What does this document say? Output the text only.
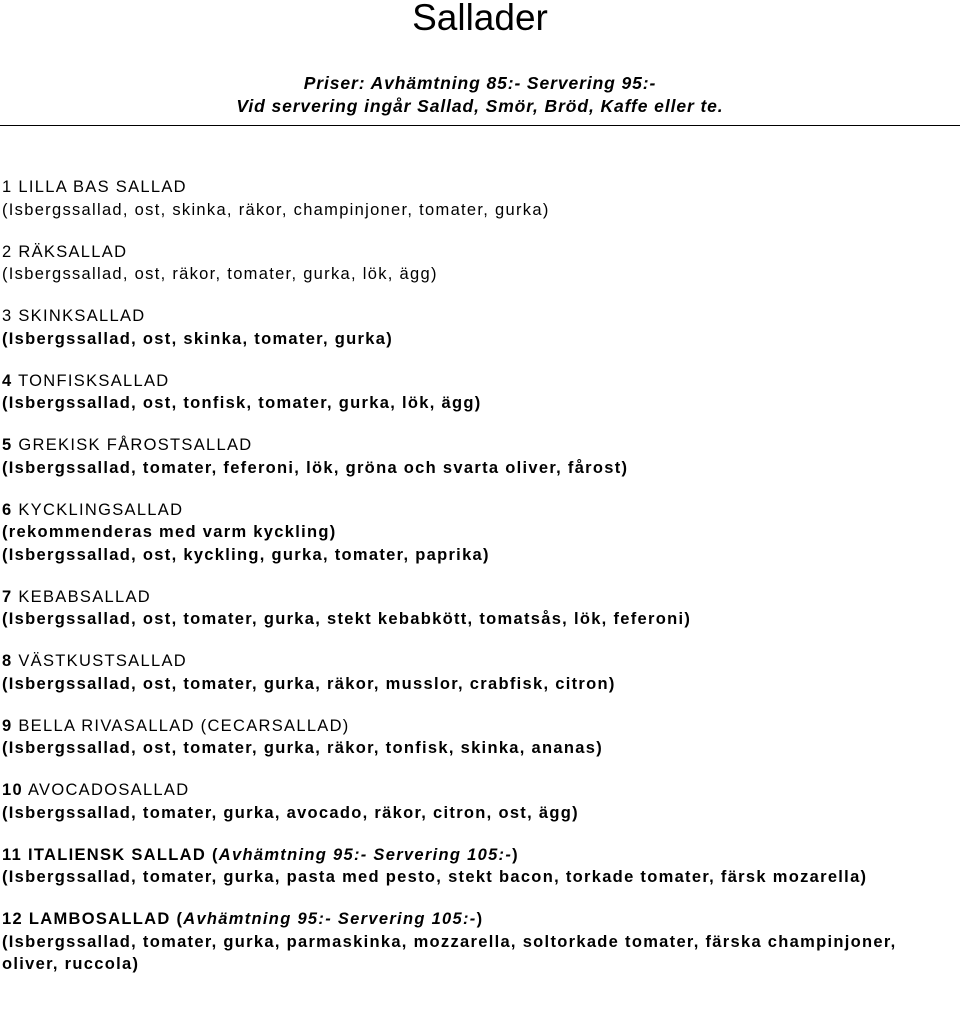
Sallader
Priser: Avhämtning 85:- Servering 95:-
Vid servering ingår Sallad, Smör, Bröd, Kaffe eller te.
1 LILLA BAS SALLAD
(Isbergssallad, ost, skinka, räkor, champinjoner, tomater, gurka)
2 RÄKSALLAD
(Isbergssallad, ost, räkor, tomater, gurka, lök, ägg)
3 SKINKSALLAD
(Isbergssallad, ost, skinka, tomater, gurka)
4 TONFISKSALLAD
(Isbergssallad, ost, tonfisk, tomater, gurka, lök, ägg)
5 GREKISK FÅROSTSALLAD
(Isbergssallad, tomater, feferoni, lök, gröna och svarta oliver, fårost)
6 KYCKLINGSALLAD
(rekommenderas med varm kyckling)
(Isbergssallad, ost, kyckling, gurka, tomater, paprika)
7 KEBABSALLAD
(Isbergssallad, ost, tomater, gurka, stekt kebabkött, tomatsås, lök, feferoni)
8 VÄSTKUSTSALLAD
(Isbergssallad, ost, tomater, gurka, räkor, musslor, crabfisk, citron)
9 BELLA RIVASALLAD (CECARSALLAD)
(Isbergssallad, ost, tomater, gurka, räkor, tonfisk, skinka, ananas)
10 AVOCADOSALLAD
(Isbergssallad, tomater, gurka, avocado, räkor, citron, ost, ägg)
11 ITALIENSK SALLAD (Avhämtning 95:- Servering 105:-)
(Isbergssallad, tomater, gurka, pasta med pesto, stekt bacon, torkade tomater, färsk mozarella)
12 LAMBOSALLAD (Avhämtning 95:- Servering 105:-)
(Isbergssallad, tomater, gurka, parmaskinka, mozzarella, soltorkade tomater, färska champinjoner, oliver, ruccola)
